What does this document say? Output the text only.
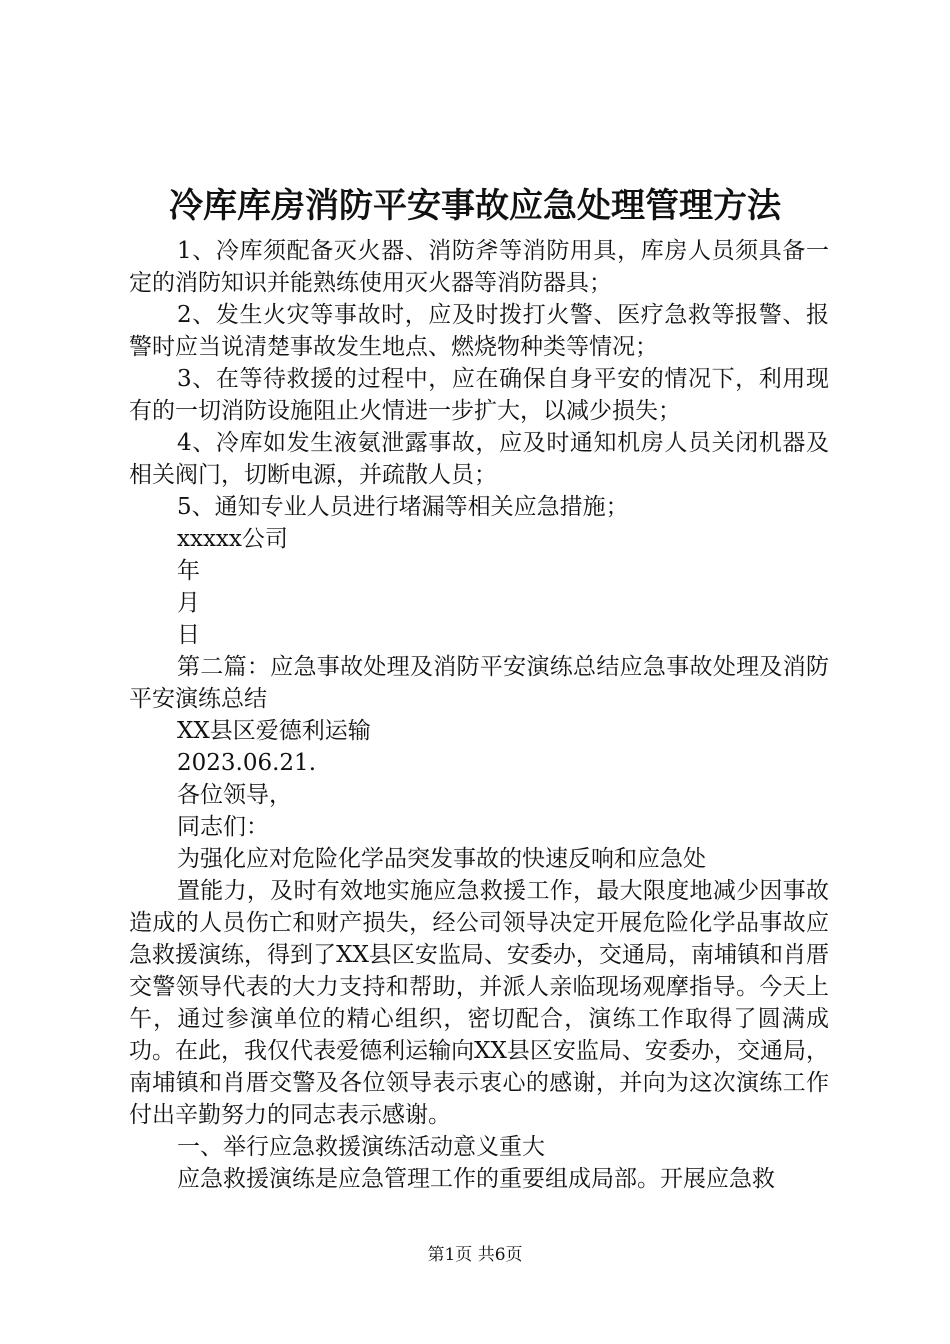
冷库库房消防平安事故应急处理管理方法

1、冷库须配备灭火器、消防斧等消防用具，库房人员须具备一定的消防知识并能熟练使用灭火器等消防器具；

2、发生火灾等事故时，应及时拨打火警、医疗急救等报警、报警时应当说清楚事故发生地点、燃烧物种类等情况；

3、在等待救援的过程中，应在确保自身平安的情况下，利用现有的一切消防设施阻止火情进一步扩大，以减少损失；

4、冷库如发生液氨泄露事故，应及时通知机房人员关闭机器及相关阀门，切断电源，并疏散人员；

5、通知专业人员进行堵漏等相关应急措施；

xxxxx公司

年

月

日

第二篇：应急事故处理及消防平安演练总结应急事故处理及消防平安演练总结

XX县区爱德利运输

2023.06.21.

各位领导，

同志们：

为强化应对危险化学品突发事故的快速反响和应急处

置能力，及时有效地实施应急救援工作，最大限度地减少因事故造成的人员伤亡和财产损失，经公司领导决定开展危险化学品事故应急救援演练，得到了XX县区安监局、安委办，交通局，南埔镇和肖厝交警领导代表的大力支持和帮助，并派人亲临现场观摩指导。今天上午，通过参演单位的精心组织，密切配合，演练工作取得了圆满成功。在此，我仅代表爱德利运输向XX县区安监局、安委办，交通局，南埔镇和肖厝交警及各位领导表示衷心的感谢，并向为这次演练工作付出辛勤努力的同志表示感谢。

一、举行应急救援演练活动意义重大

应急救援演练是应急管理工作的重要组成局部。开展应急救

第1页 共6页
